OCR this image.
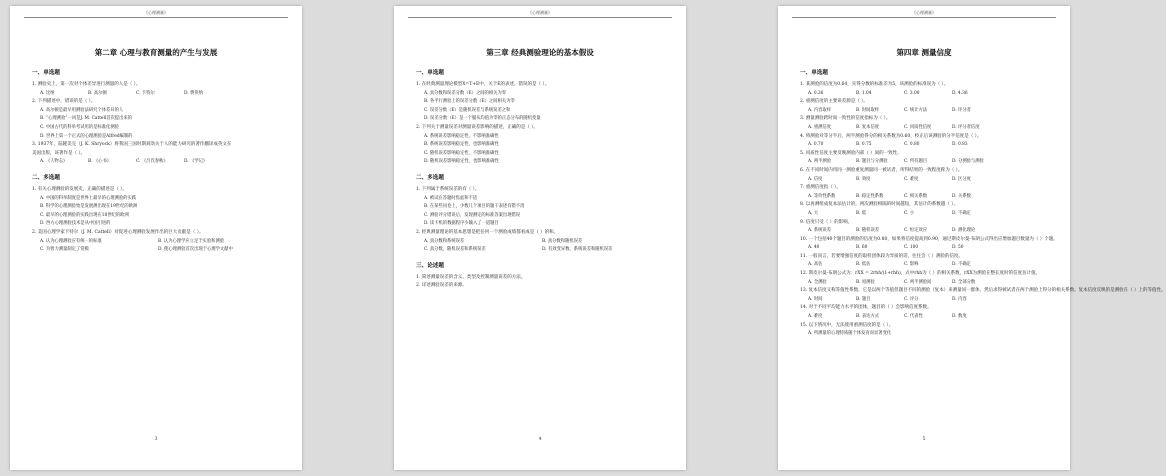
《心理测量》
第二章 心理与教育测量的产生与发展
一、单选题
1. 测验史上，第一次对个体差异进行测量的人是（ ）。
A. 比纳	B. 高尔顿	C. 卡特尔	D. 费侠纳
2. 下列描述中，错误的是（ ）。
A. 高尔顿是最早用测验法研究个体差异的人
B. “心理测验”一词是J. M. Cattell首次提出来的
C. 中国古代的科举考试用的是标准化测验
D. 世界上第一个正式的心理测验是Alfred编制的
3. 1937年，陆隆美完（J. K. Shryock）将我国三国时期刘劭关于人的能力研究的著作翻译成英文在
美国出版，该著作是（ ）。
A. 《人物志》	B. 《心书》	C. 《吕氏春秋》	D. 《学记》
二、多选题
1. 有关心理测验的发展史，正确的描述是（ ）。
A. 中国的科举制度是世界上最早的心理测验的实践
B. 科学的心理测验始是发展测出现在19世纪的欧洲
C. 最早的心理测验的实践出现在18世纪的欧洲
D. 西方心理测验技术是从中国引进的
2. 美国心理学家卡特尔（J. M. Cattell）对促进心理测验发展作出的巨大贡献是（ ）。
A. 认为心理测验应有统一的标准	B. 认为心理学应立足于实验和测验
C. 为智力测量制定了常模	D. 使心理测验首次出现于心理学文献中
3
《心理测量》
第三章 经典测验理论的基本假设
一、单选题
1. 在经典测量理论模型X=T+E中，关于E的表述，错误的是（ ）。
A. 真分数和误差分数（E）之间的相关为零
B. 各平行测验上的误差分数（E）之间相关为零
C. 误差分数（E）是随机误差与系统误差之和
D. 误差分数（E）是一个服从均值为零的正态分布的随机变量
2. 下列关于测量误差对测量误差影响的描述，正确的是（ ）。
A. 系统误差影响稳定性，不影响准确性
B. 系统误差影响稳定性，也影响准确性
C. 随机误差影响稳定性，不影响准确性
D. 随机误差影响稳定性，也影响准确性
二、多选题
1. 下列属于系统误差的有（ ）。
A. 被试在答题时焦虑和不适
B. 在某些问卷上，少数几个项目的题干表述有错不清
C. 测验评分错误后，发现测定的标准答案出现错误
D. 读卡机的数据程序少输入了一道题目
2. 经典测量理论的基本思想是把任何一个测验成绩都看成是（ ）的和。
A. 真分数和系统误差	B. 真分数和随机误差
C. 真分数、随机误差和系统误差	D. 有效变异数、系统误差和随机误差
三、论述题
1. 简述测量误差的含义、类型及控制测量误差的方法。
2. 详述测验误差的来源。
4
《心理测量》
第四章 测量信度
一、单选题
1. 某测验的信度为0.64，实得分数的标准差为5，该测验的标准误为（ ）。
A. 0.36	B. 1.04	C. 3.00	D. 4.36
2. 重测信度的主要误差源是（ ）。
A. 内容取样	B. 时间取样	C. 统计方法	D. 评分者
3. 测量测验跨时间一致性的信度指标为（ ）。
A. 重测信度	B. 复本信度	C. 同质性信度	D. 评分者信度
4. 将测验对等分半后，两半测验得分的相关系数为0.60，校正后该测验的分半信度是（ ）。
A. 0.70	B. 0.75	C. 0.80	D. 0.83
5. 同质性信度主要反映测验内部（ ）间的一致性。
A. 两半测验	B. 题目与分测验	C. 所有题目	D. 分测验与测验
6. 在不同时间内用同一测验重复测量同一被试者，所得结果的一致程度称为（ ）。
A. 信度	B. 效度	C. 难度	D. 区分度
7. 重测信度指（ ）。
A. 等价性系数	B. 稳定性系数	C. 相关系数	D. 关系数
8. 以再测组成复本法估计的，两次测验相隔的时间越短，其估计的系数越（ ）。
A. 大	B. 低	C. 小	D. 不确定
9. 信度只受（ ）的影响。
A. 系统误差	B. 随机误差	C. 恒定效应	D. 测化理论
10. 一个包括40个题目的测验的信度为0.80，如果将信度提高到0.90，通过斯皮尔曼-布朗公式得出应增加题目数量为（ ）个题。
A. 40	B. 60	C. 100	D. 50
11. 一般而言，若要增强信度的取样团体较为异质的话，往往会（ ）测验的信度。
A. 高估	B. 低估	C. 影响	D. 不确定
12. 斯皮尔曼-布朗公式为：rXX = 2rhh/(1+rhh)，式中rhh为（ ）的相关系数，rXX为测验在整长度时的信度估计值。
A. 全测验	B. 原测验	C. 两半测验间	D. 全部分数
13. 复本信度又称等值性系数，它是以两个等值但题目不同的测验（复本）来测量同一群体，然后求得被试者在两个测验上得分的相关系数。复本信度反映的是测验在（ ）上的等值性。
A. 时间	B. 题目	C. 评分	D. 内容
14. 对于不同平均能力水平的团体，题目的（ ）会影响信度系数。
A. 难度	B. 表达方式	C. 代表性	D. 数度
15. 以下情况中，无法使用重测信度的是（ ）。
A. 所测量的心理特质随个体发育而显著变化
5
